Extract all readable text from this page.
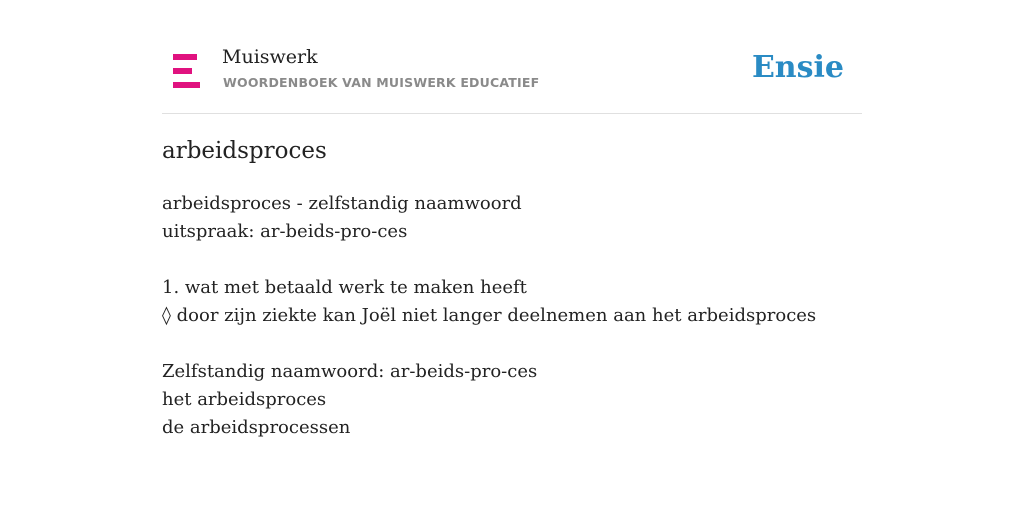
Muiswerk
WOORDENBOEK VAN MUISWERK EDUCATIEF	Ensie
arbeidsproces
arbeidsproces - zelfstandig naamwoord
uitspraak: ar-beids-pro-ces
1. wat met betaald werk te maken heeft
◊ door zijn ziekte kan Joël niet langer deelnemen aan het arbeidsproces
Zelfstandig naamwoord: ar-beids-pro-ces
het arbeidsproces
de arbeidsprocessen
